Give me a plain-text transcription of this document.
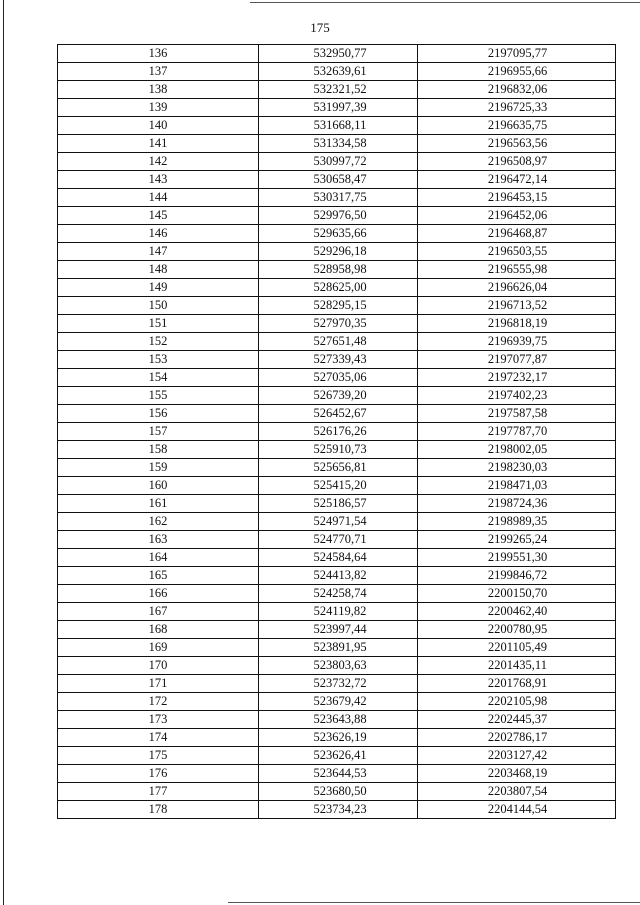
175
136	532950,77	2197095,77
137	532639,61	2196955,66
138	532321,52	2196832,06
139	531997,39	2196725,33
140	531668,11	2196635,75
141	531334,58	2196563,56
142	530997,72	2196508,97
143	530658,47	2196472,14
144	530317,75	2196453,15
145	529976,50	2196452,06
146	529635,66	2196468,87
147	529296,18	2196503,55
148	528958,98	2196555,98
149	528625,00	2196626,04
150	528295,15	2196713,52
151	527970,35	2196818,19
152	527651,48	2196939,75
153	527339,43	2197077,87
154	527035,06	2197232,17
155	526739,20	2197402,23
156	526452,67	2197587,58
157	526176,26	2197787,70
158	525910,73	2198002,05
159	525656,81	2198230,03
160	525415,20	2198471,03
161	525186,57	2198724,36
162	524971,54	2198989,35
163	524770,71	2199265,24
164	524584,64	2199551,30
165	524413,82	2199846,72
166	524258,74	2200150,70
167	524119,82	2200462,40
168	523997,44	2200780,95
169	523891,95	2201105,49
170	523803,63	2201435,11
171	523732,72	2201768,91
172	523679,42	2202105,98
173	523643,88	2202445,37
174	523626,19	2202786,17
175	523626,41	2203127,42
176	523644,53	2203468,19
177	523680,50	2203807,54
178	523734,23	2204144,54
